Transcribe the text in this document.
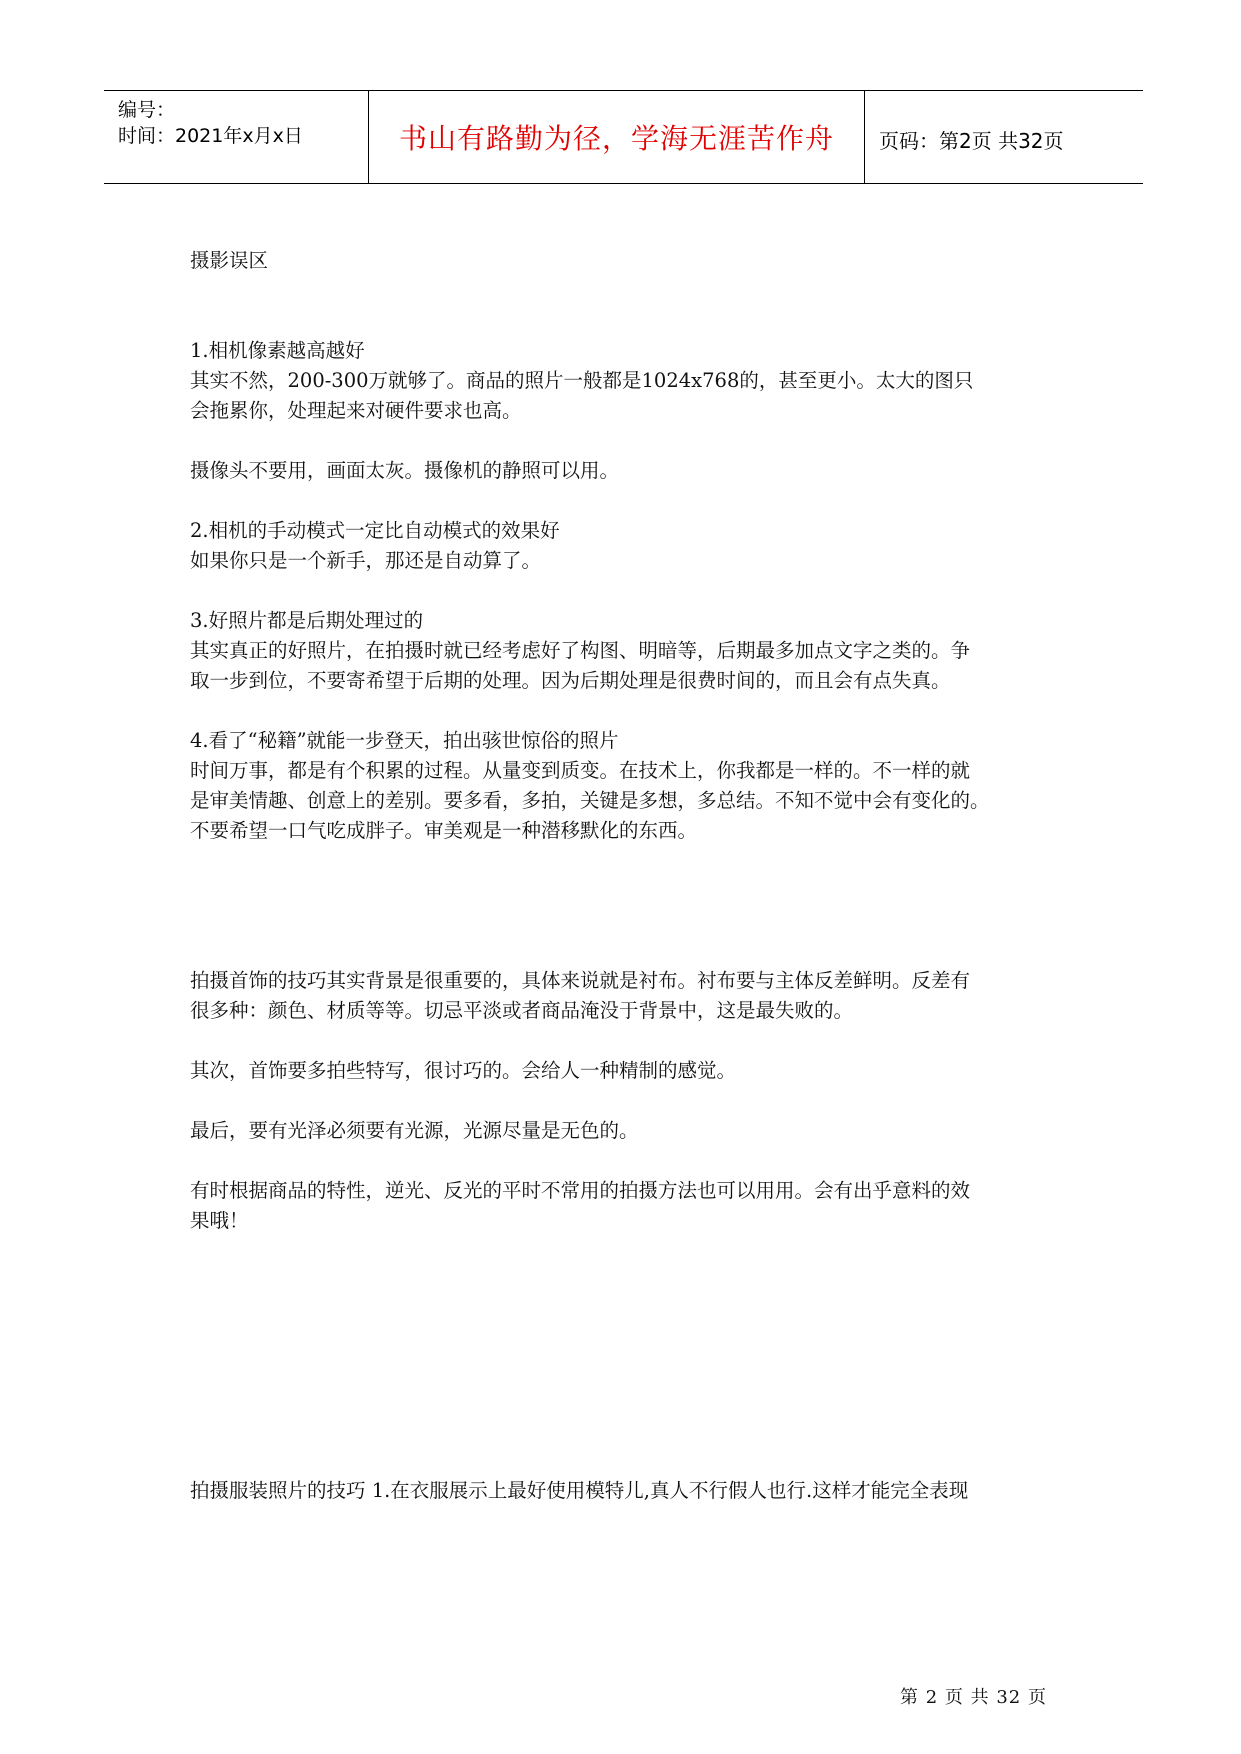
编号：
时间：2021年x月x日	书山有路勤为径，学海无涯苦作舟	页码：第2页 共32页

摄影误区

1.相机像素越高越好

其实不然，200-300万就够了。商品的照片一般都是1024x768的，甚至更小。太大的图只

会拖累你，处理起来对硬件要求也高。

摄像头不要用，画面太灰。摄像机的静照可以用。

2.相机的手动模式一定比自动模式的效果好

如果你只是一个新手，那还是自动算了。

3.好照片都是后期处理过的

其实真正的好照片，在拍摄时就已经考虑好了构图、明暗等，后期最多加点文字之类的。争

取一步到位，不要寄希望于后期的处理。因为后期处理是很费时间的，而且会有点失真。

4.看了“秘籍”就能一步登天，拍出骇世惊俗的照片

时间万事，都是有个积累的过程。从量变到质变。在技术上，你我都是一样的。不一样的就

是审美情趣、创意上的差别。要多看，多拍，关键是多想，多总结。不知不觉中会有变化的。

不要希望一口气吃成胖子。审美观是一种潜移默化的东西。

拍摄首饰的技巧其实背景是很重要的，具体来说就是衬布。衬布要与主体反差鲜明。反差有

很多种：颜色、材质等等。切忌平淡或者商品淹没于背景中，这是最失败的。

其次，首饰要多拍些特写，很讨巧的。会给人一种精制的感觉。

最后，要有光泽必须要有光源，光源尽量是无色的。

有时根据商品的特性，逆光、反光的平时不常用的拍摄方法也可以用用。会有出乎意料的效

果哦！

拍摄服装照片的技巧 1.在衣服展示上最好使用模特儿,真人不行假人也行.这样才能完全表现

第 2 页 共 32 页
